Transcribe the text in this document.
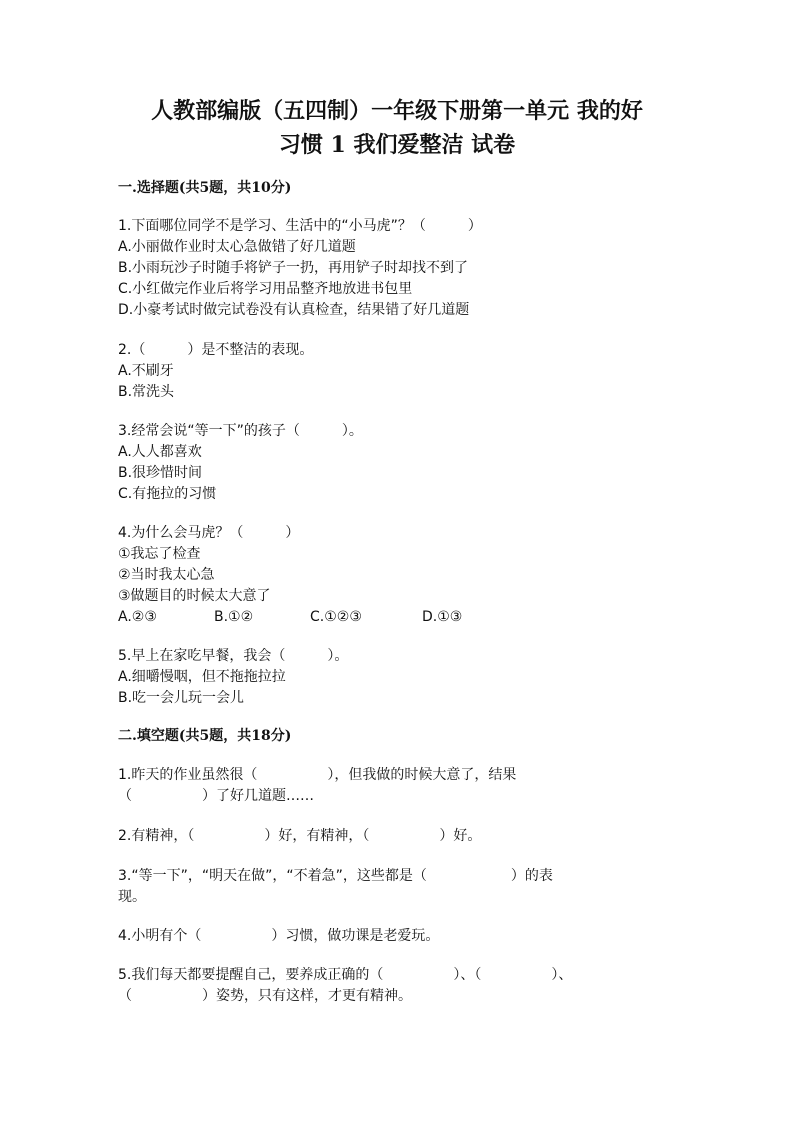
人教部编版（五四制）一年级下册第一单元 我的好
习惯 1 我们爱整洁 试卷
一.选择题(共5题，共10分)
1.下面哪位同学不是学习、生活中的“小马虎”？（　　　）
A.小丽做作业时太心急做错了好几道题
B.小雨玩沙子时随手将铲子一扔，再用铲子时却找不到了
C.小红做完作业后将学习用品整齐地放进书包里
D.小豪考试时做完试卷没有认真检查，结果错了好几道题
2.（　　　）是不整洁的表现。
A.不刷牙
B.常洗头
3.经常会说“等一下”的孩子（　　　）。
A.人人都喜欢
B.很珍惜时间
C.有拖拉的习惯
4.为什么会马虎？（　　　）
①我忘了检查
②当时我太心急
③做题目的时候太大意了
A.②③	B.①②	C.①②③	D.①③
5.早上在家吃早餐，我会（　　　）。
A.细嚼慢咽，但不拖拖拉拉
B.吃一会儿玩一会儿
二.填空题(共5题，共18分)
1.昨天的作业虽然很（　　　　　），但我做的时候大意了，结果
（　　　　　）了好几道题……
2.有精神，（　　　　　）好，有精神，（　　　　　）好。
3.“等一下”，“明天在做”，“不着急”，这些都是（　　　　　　）的表
现。
4.小明有个（　　　　　）习惯，做功课是老爱玩。
5.我们每天都要提醒自己，要养成正确的（　　　　　）、（　　　　　）、
（　　　　　）姿势，只有这样，才更有精神。
